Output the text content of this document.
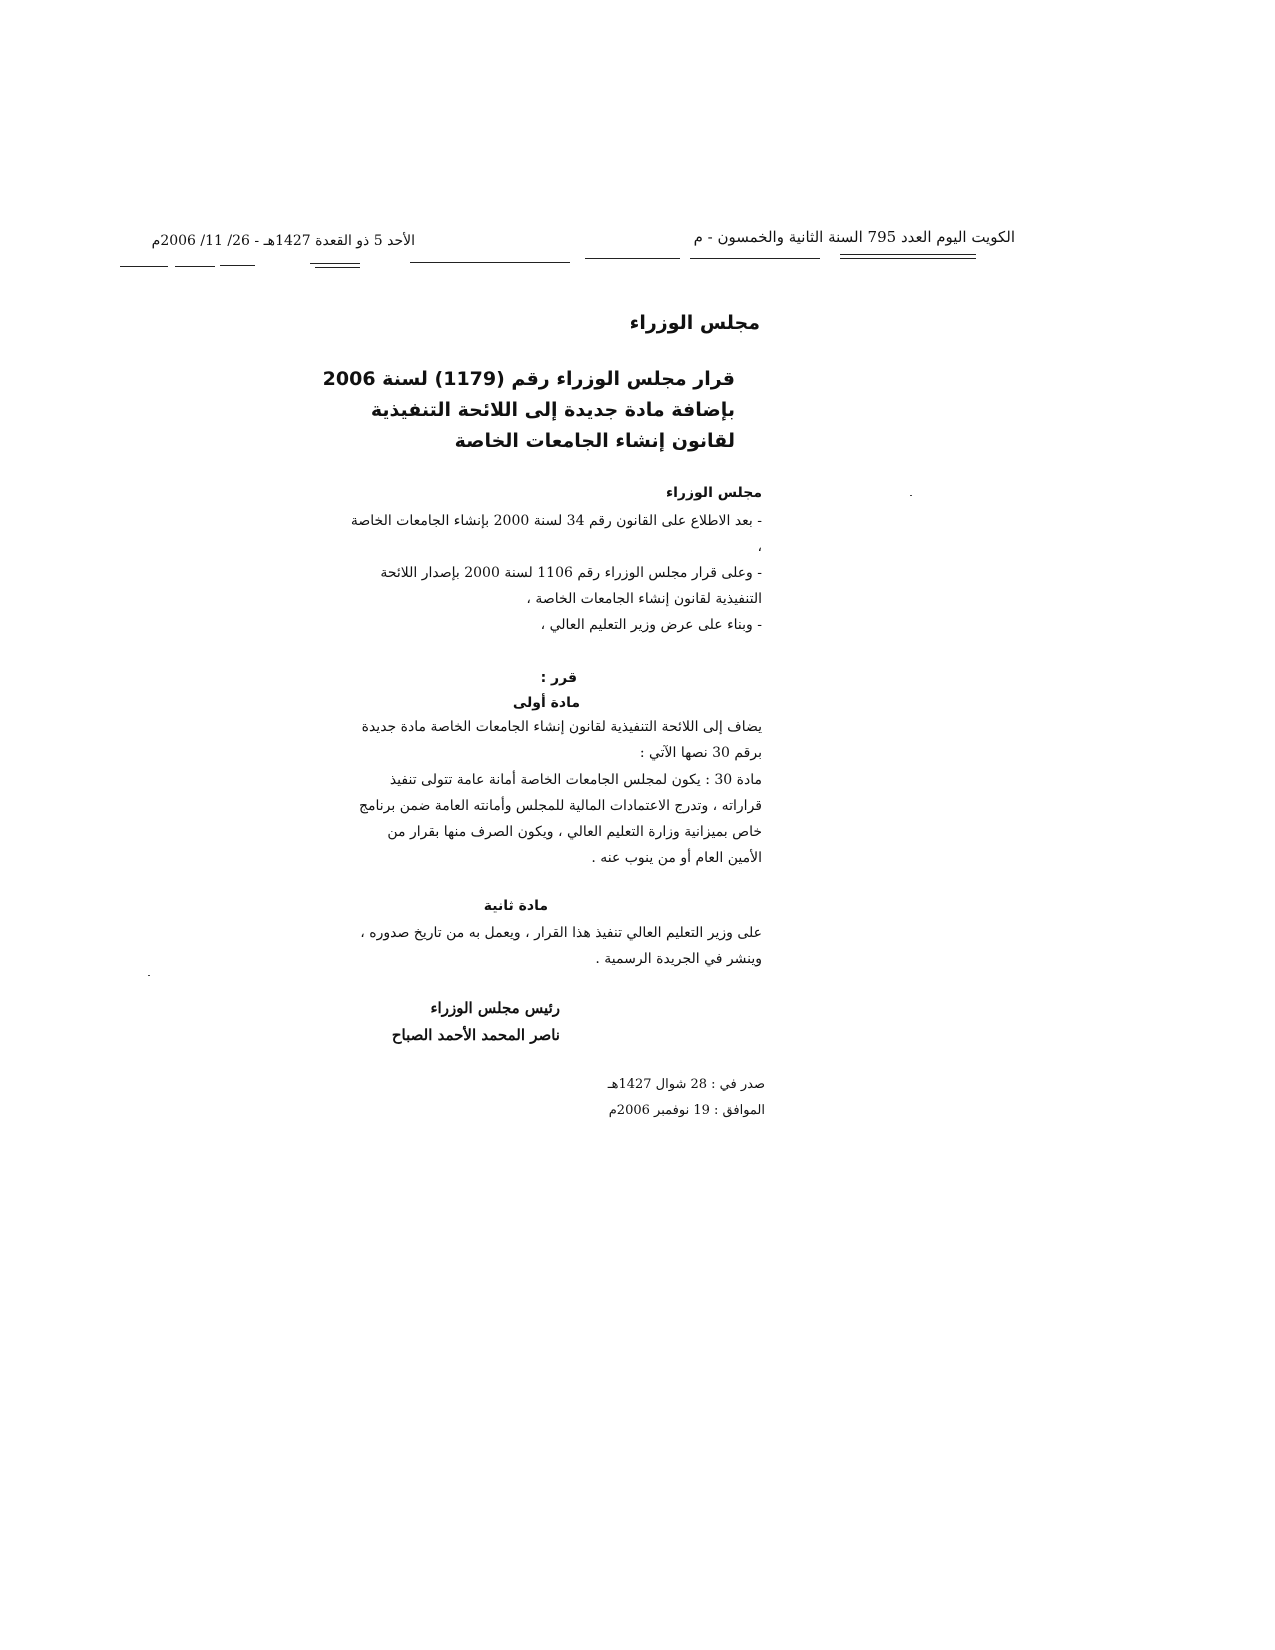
الكويت اليوم العدد 795 السنة الثانية والخمسون - م
الأحد 5 ذو القعدة 1427هـ - 26/ 11/ 2006م
مجلس الوزراء
قرار مجلس الوزراء رقم (1179) لسنة 2006
بإضافة مادة جديدة إلى اللائحة التنفيذية
لقانون إنشاء الجامعات الخاصة
مجلس الوزراء
- بعد الاطلاع على القانون رقم 34 لسنة 2000 بإنشاء الجامعات الخاصة ،
- وعلى قرار مجلس الوزراء رقم 1106 لسنة 2000 بإصدار اللائحة التنفيذية لقانون إنشاء الجامعات الخاصة ،
- وبناء على عرض وزير التعليم العالي ،
قرر :
مادة أولى
يضاف إلى اللائحة التنفيذية لقانون إنشاء الجامعات الخاصة مادة جديدة برقم 30 نصها الآتي :
مادة 30 : يكون لمجلس الجامعات الخاصة أمانة عامة تتولى تنفيذ قراراته ، وتدرج الاعتمادات المالية للمجلس وأمانته العامة ضمن برنامج خاص بميزانية وزارة التعليم العالي ، ويكون الصرف منها بقرار من الأمين العام أو من ينوب عنه .
مادة ثانية
على وزير التعليم العالي تنفيذ هذا القرار ، ويعمل به من تاريخ صدوره ، وينشر في الجريدة الرسمية .
رئيس مجلس الوزراء
ناصر المحمد الأحمد الصباح
صدر في : 28 شوال 1427هـ
الموافق : 19 نوفمبر 2006م
